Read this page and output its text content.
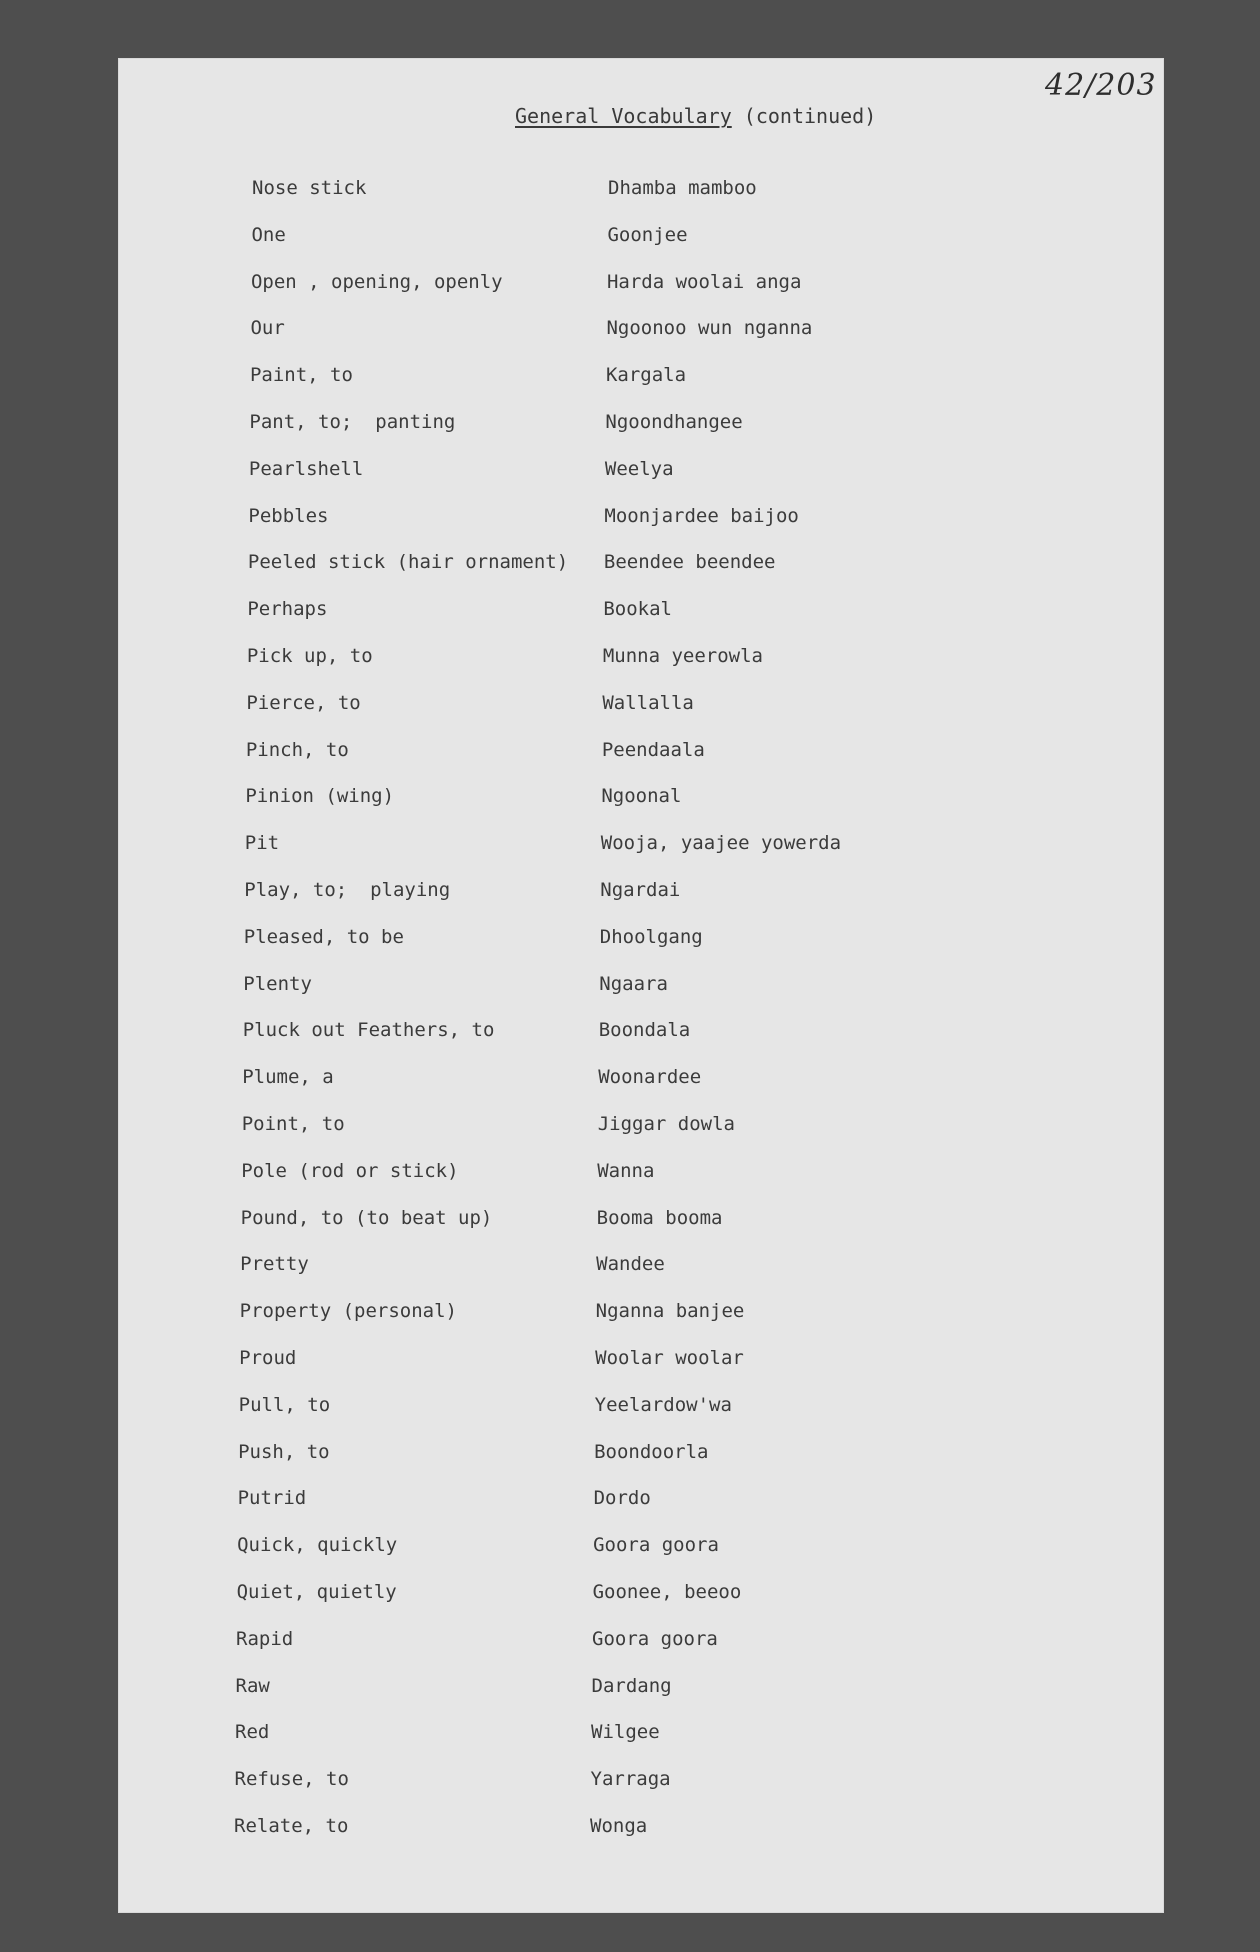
42/203
General Vocabulary (continued)
Nose stick	Dhamba mamboo
One	Goonjee
Open , opening, openly	Harda woolai anga
Our	Ngoonoo wun nganna
Paint, to	Kargala
Pant, to;  panting	Ngoondhangee
Pearlshell	Weelya
Pebbles	Moonjardee baijoo
Peeled stick (hair ornament) Beendee beendee
Perhaps	Bookal
Pick up, to	Munna yeerowla
Pierce, to	Wallalla
Pinch, to	Peendaala
Pinion (wing)	Ngoonal
Pit	Wooja, yaajee yowerda
Play, to;  playing	Ngardai
Pleased, to be	Dhoolgang
Plenty	Ngaara
Pluck out Feathers, to	Boondala
Plume, a	Woonardee
Point, to	Jiggar dowla
Pole (rod or stick)	Wanna
Pound, to (to beat up)	Booma booma
Pretty	Wandee
Property (personal)	Nganna banjee
Proud	Woolar woolar
Pull, to	Yeelardow'wa
Push, to	Boondoorla
Putrid	Dordo
Quick, quickly	Goora goora
Quiet, quietly	Goonee, beeoo
Rapid	Goora goora
Raw	Dardang
Red	Wilgee
Refuse, to	Yarraga
Relate, to	Wonga
